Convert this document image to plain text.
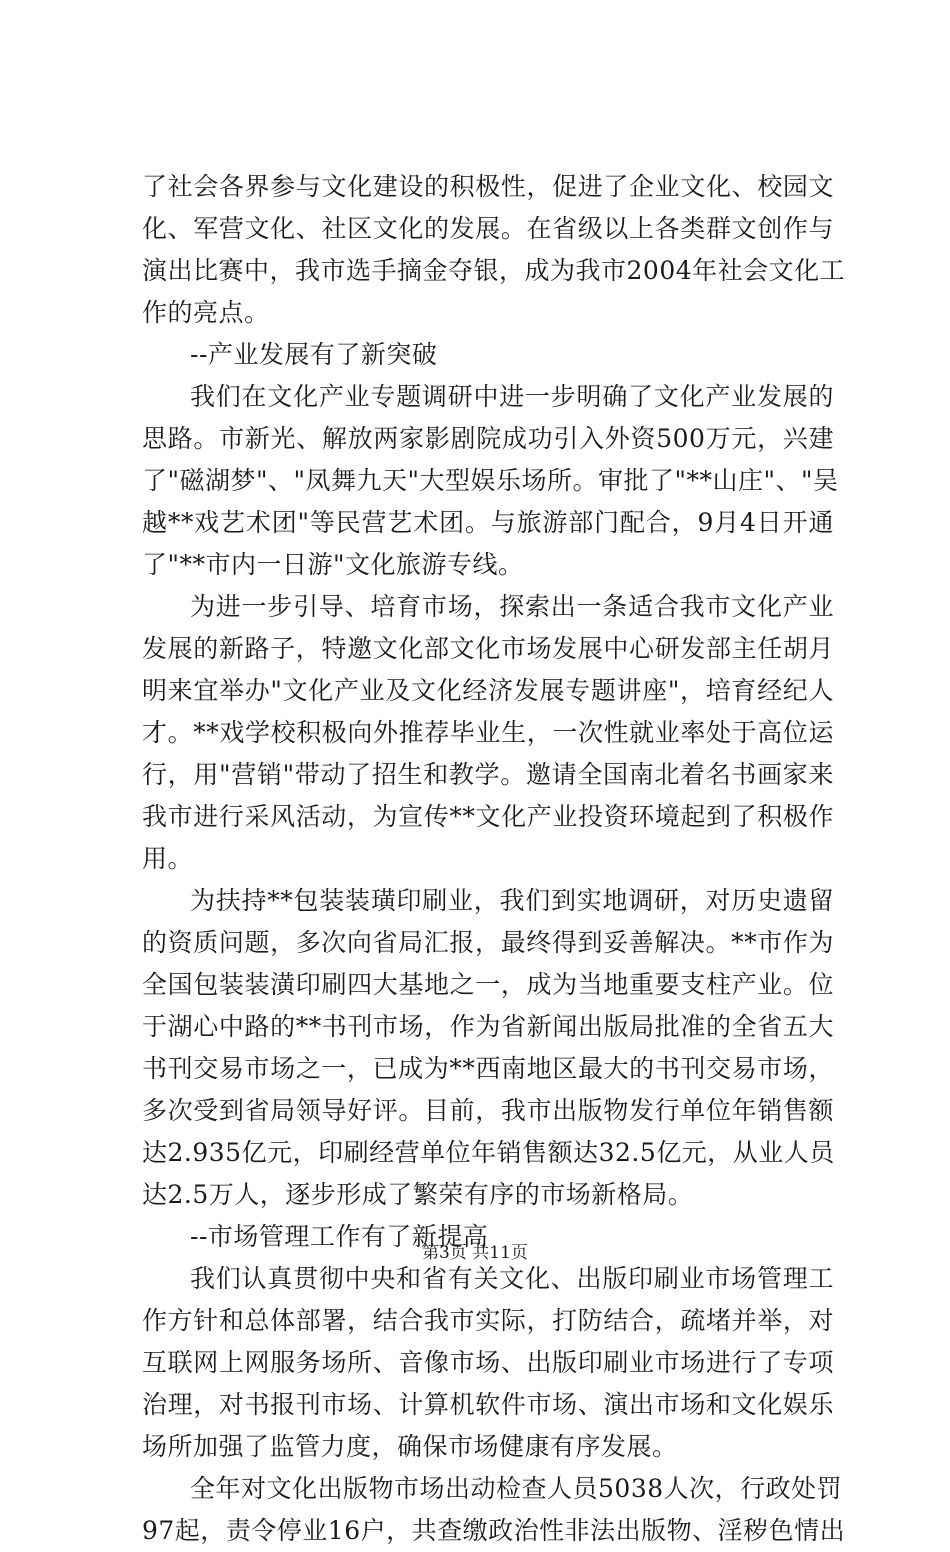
了社会各界参与文化建设的积极性，促进了企业文化、校园文
化、军营文化、社区文化的发展。在省级以上各类群文创作与
演出比赛中，我市选手摘金夺银，成为我市2004年社会文化工
作的亮点。
--产业发展有了新突破
我们在文化产业专题调研中进一步明确了文化产业发展的
思路。市新光、解放两家影剧院成功引入外资500万元，兴建
了"磁湖梦"、"凤舞九天"大型娱乐场所。审批了"**山庄"、"吴
越**戏艺术团"等民营艺术团。与旅游部门配合，9月4日开通
了"**市内一日游"文化旅游专线。
为进一步引导、培育市场，探索出一条适合我市文化产业
发展的新路子，特邀文化部文化市场发展中心研发部主任胡月
明来宜举办"文化产业及文化经济发展专题讲座"，培育经纪人
才。**戏学校积极向外推荐毕业生，一次性就业率处于高位运
行，用"营销"带动了招生和教学。邀请全国南北着名书画家来
我市进行采风活动，为宣传**文化产业投资环境起到了积极作
用。
为扶持**包装装璜印刷业，我们到实地调研，对历史遗留
的资质问题，多次向省局汇报，最终得到妥善解决。**市作为
全国包装装潢印刷四大基地之一，成为当地重要支柱产业。位
于湖心中路的**书刊市场，作为省新闻出版局批准的全省五大
书刊交易市场之一，已成为**西南地区最大的书刊交易市场，
多次受到省局领导好评。目前，我市出版物发行单位年销售额
达2.935亿元，印刷经营单位年销售额达32.5亿元，从业人员
达2.5万人，逐步形成了繁荣有序的市场新格局。
--市场管理工作有了新提高
我们认真贯彻中央和省有关文化、出版印刷业市场管理工
作方针和总体部署，结合我市实际，打防结合，疏堵并举，对
互联网上网服务场所、音像市场、出版印刷业市场进行了专项
治理，对书报刊市场、计算机软件市场、演出市场和文化娱乐
场所加强了监管力度，确保市场健康有序发展。
全年对文化出版物市场出动检查人员5038人次，行政处罚
97起，责令停业16户，共查缴政治性非法出版物、淫秽色情出
第3页 共11页
